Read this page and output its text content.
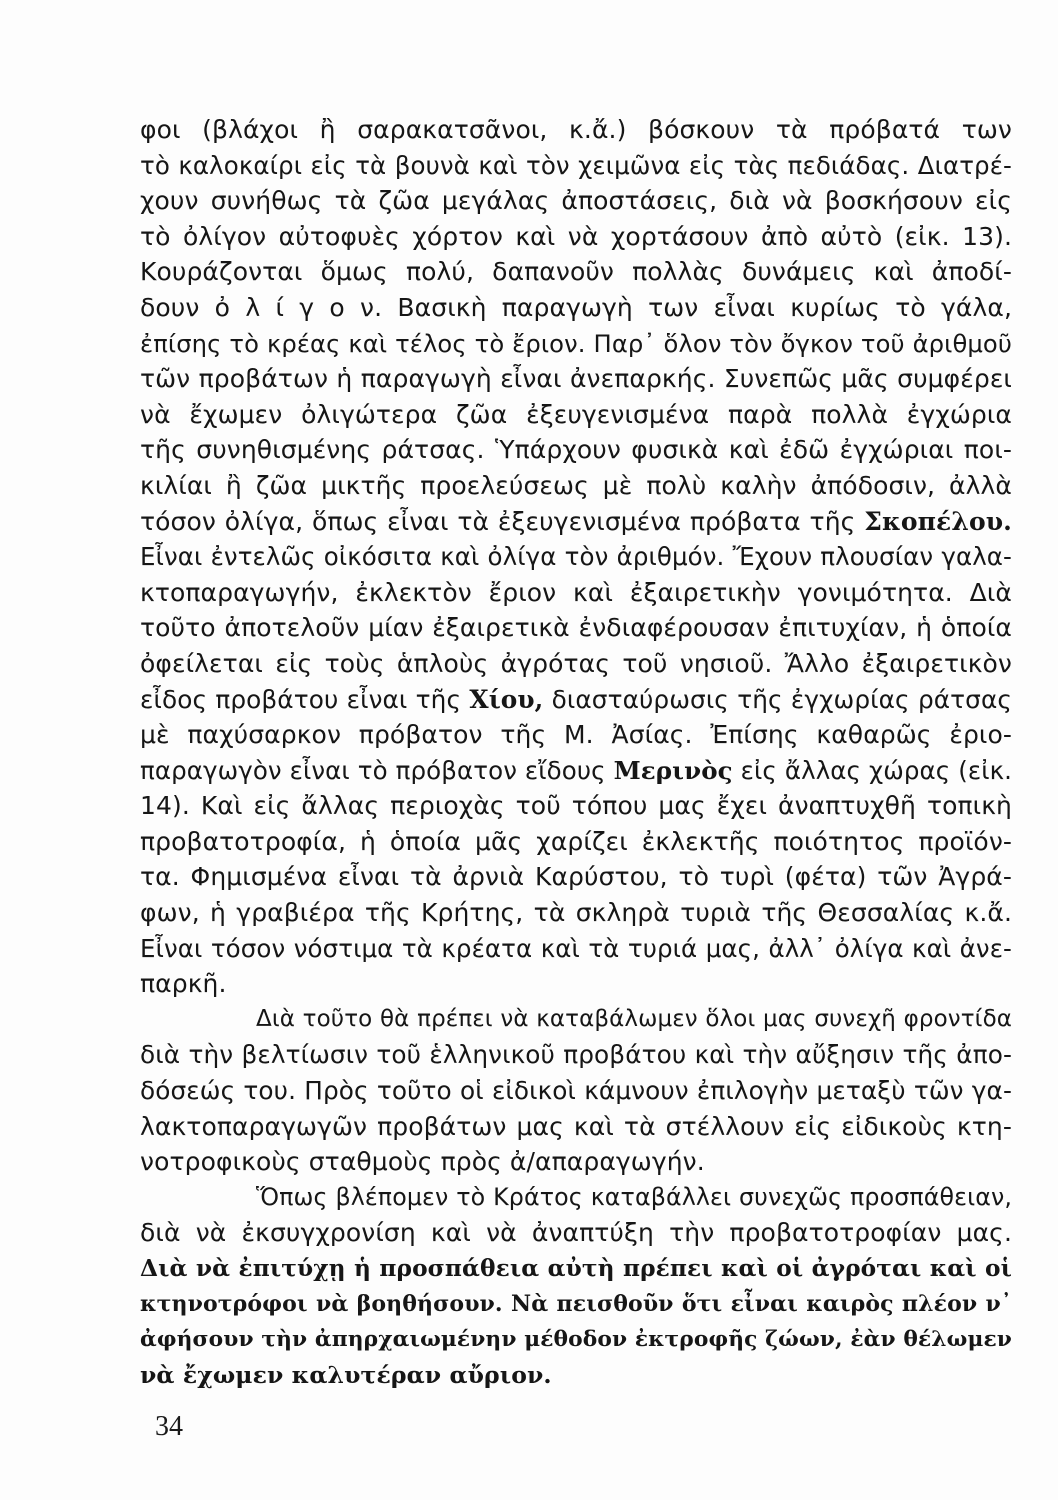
φοι (βλάχοι ἢ σαρακατσᾶνοι, κ.ἄ.) βόσκουν τὰ πρόβατά των
τὸ καλοκαίρι εἰς τὰ βουνὰ καὶ τὸν χειμῶνα εἰς τὰς πεδιάδας. Διατρέ-
χουν συνήθως τὰ ζῶα μεγάλας ἀποστάσεις, διὰ νὰ βοσκήσουν εἰς
τὸ ὀλίγον αὐτοφυὲς χόρτον καὶ νὰ χορτάσουν ἀπὸ αὐτὸ (εἰκ. 13).
Κουράζονται ὅμως πολύ, δαπανοῦν πολλὰς δυνάμεις καὶ ἀποδί-
δουν ὀ λ ί γ ο ν. Βασικὴ παραγωγὴ των εἶναι κυρίως τὸ γάλα,
ἐπίσης τὸ κρέας καὶ τέλος τὸ ἔριον. Παρ᾽ ὅλον τὸν ὄγκον τοῦ ἀριθμοῦ
τῶν προβάτων ἡ παραγωγὴ εἶναι ἀνεπαρκής. Συνεπῶς μᾶς συμφέρει
νὰ ἔχωμεν ὀλιγώτερα ζῶα ἐξευγενισμένα παρὰ πολλὰ ἐγχώρια
τῆς συνηθισμένης ράτσας. Ὑπάρχουν φυσικὰ καὶ ἐδῶ ἐγχώριαι ποι-
κιλίαι ἢ ζῶα μικτῆς προελεύσεως μὲ πολὺ καλὴν ἀπόδοσιν, ἀλλὰ
τόσον ὀλίγα, ὅπως εἶναι τὰ ἐξευγενισμένα πρόβατα τῆς Σκοπέλου.
Εἶναι ἐντελῶς οἰκόσιτα καὶ ὀλίγα τὸν ἀριθμόν. Ἔχουν πλουσίαν γαλα-
κτοπαραγωγήν, ἐκλεκτὸν ἔριον καὶ ἐξαιρετικὴν γονιμότητα. Διὰ
τοῦτο ἀποτελοῦν μίαν ἐξαιρετικὰ ἐνδιαφέρουσαν ἐπιτυχίαν, ἡ ὁποία
ὀφείλεται εἰς τοὺς ἁπλοὺς ἀγρότας τοῦ νησιοῦ. Ἄλλο ἐξαιρετικὸν
εἶδος προβάτου εἶναι τῆς Χίου, διασταύρωσις τῆς ἐγχωρίας ράτσας
μὲ παχύσαρκον πρόβατον τῆς Μ. Ἀσίας. Ἐπίσης καθαρῶς ἐριο-
παραγωγὸν εἶναι τὸ πρόβατον εἴδους Μερινὸς εἰς ἄλλας χώρας (εἰκ.
14). Καὶ εἰς ἄλλας περιοχὰς τοῦ τόπου μας ἔχει ἀναπτυχθῆ τοπικὴ
προβατοτροφία, ἡ ὁποία μᾶς χαρίζει ἐκλεκτῆς ποιότητος προϊόν-
τα. Φημισμένα εἶναι τὰ ἀρνιὰ Καρύστου, τὸ τυρὶ (φέτα) τῶν Ἀγρά-
φων, ἡ γραβιέρα τῆς Κρήτης, τὰ σκληρὰ τυριὰ τῆς Θεσσαλίας κ.ἄ.
Εἶναι τόσον νόστιμα τὰ κρέατα καὶ τὰ τυριά μας, ἀλλ᾽ ὀλίγα καὶ ἀνε-
παρκῆ.
Διὰ τοῦτο θὰ πρέπει νὰ καταβάλωμεν ὅλοι μας συνεχῆ φροντίδα
διὰ τὴν βελτίωσιν τοῦ ἑλληνικοῦ προβάτου καὶ τὴν αὔξησιν τῆς ἀπο-
δόσεώς του. Πρὸς τοῦτο οἱ εἰδικοὶ κάμνουν ἐπιλογὴν μεταξὺ τῶν γα-
λακτοπαραγωγῶν προβάτων μας καὶ τὰ στέλλουν εἰς εἰδικοὺς κτη-
νοτροφικοὺς σταθμοὺς πρὸς ἀ/απαραγωγήν.
Ὅπως βλέπομεν τὸ Κράτος καταβάλλει συνεχῶς προσπάθειαν,
διὰ νὰ ἐκσυγχρονίση καὶ νὰ ἀναπτύξη τὴν προβατοτροφίαν μας.
Διὰ νὰ ἐπιτύχῃ ἡ προσπάθεια αὐτὴ πρέπει καὶ οἱ ἀγρόται καὶ οἱ
κτηνοτρόφοι νὰ βοηθήσουν. Νὰ πεισθοῦν ὅτι εἶναι καιρὸς πλέον ν᾽
ἀφήσουν τὴν ἀπηρχαιωμένην μέθοδον ἐκτροφῆς ζώων, ἐὰν θέλωμεν
νὰ ἔχωμεν καλυτέραν αὔριον.
34
